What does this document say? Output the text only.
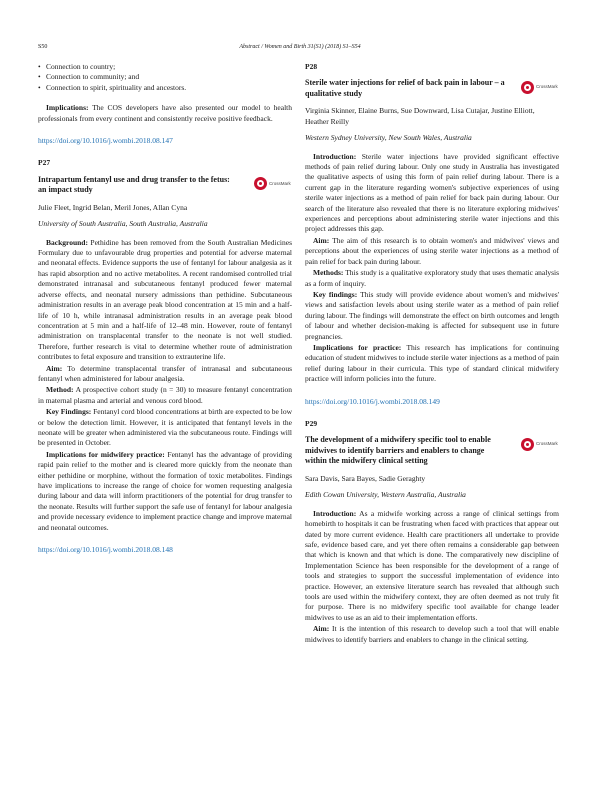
S50	Abstract / Women and Birth 31(S1) (2018) S1–S54
• Connection to country;
• Connection to community; and
• Connection to spirit, spirituality and ancestors.

Implications: The COS developers have also presented our model to health professionals from every continent and consistently receive positive feedback.

https://doi.org/10.1016/j.wombi.2018.08.147
P27
Intrapartum fentanyl use and drug transfer to the fetus: an impact study
CrossMark
Julie Fleet, Ingrid Belan, Meril Jones, Allan Cyna
University of South Australia, South Australia, Australia

Background: Pethidine has been removed from the South Australian Medicines Formulary due to unfavourable drug properties and potential for adverse maternal and neonatal effects. Evidence supports the use of fentanyl for labour analgesia as it has rapid absorption and no active metabolites. A recent randomised controlled trial demonstrated intranasal and subcutaneous fentanyl produced fewer maternal adverse effects, and neonatal nursery admissions than pethidine. Subcutaneous administration results in an average peak blood concentration at 15 min and a half-life of 10 h, while intranasal administration results in an average peak blood concentration at 5 min and a half-life of 12–48 min. However, route of fentanyl administration on transplacental transfer to the neonate is not well studied. Therefore, further research is vital to determine whether route of administration contributes to fetal exposure and transition to extrauterine life.

Aim: To determine transplacental transfer of intranasal and subcutaneous fentanyl when administered for labour analgesia.

Method: A prospective cohort study (n = 30) to measure fentanyl concentration in maternal plasma and arterial and venous cord blood.

Key Findings: Fentanyl cord blood concentrations at birth are expected to be low or below the detection limit. However, it is anticipated that fentanyl levels in the neonate will be greater when administered via the subcutaneous route. Findings will be presented in October.

Implications for midwifery practice: Fentanyl has the advantage of providing rapid pain relief to the mother and is cleared more quickly from the neonate than either pethidine or morphine, without the formation of toxic metabolites. Findings have implications to increase the range of choice for women requesting analgesia during labour and data will inform practitioners of the potential for drug transfer to the neonate. Results will further support the safe use of fentanyl for labour analgesia and provide necessary evidence to implement practice change and improve maternal and neonatal outcomes.

https://doi.org/10.1016/j.wombi.2018.08.148
P28
Sterile water injections for relief of back pain in labour – a qualitative study
CrossMark
Virginia Skinner, Elaine Burns, Sue Downward, Lisa Cutajar, Justine Elliott, Heather Reilly
Western Sydney University, New South Wales, Australia

Introduction: Sterile water injections have provided significant effective methods of pain relief during labour. Only one study in Australia has investigated the qualitative aspects of using this form of pain relief during labour. There is a current gap in the literature regarding women's subjective experiences of using sterile water injections as a method of pain relief for back pain during labour. Our search of the literature also revealed that there is no literature exploring midwives' experiences and perceptions about administering sterile water injections and this project addresses this gap.

Aim: The aim of this research is to obtain women's and midwives' views and perceptions about the experiences of using sterile water injections as a method of pain relief for back pain during labour.

Methods: This study is a qualitative exploratory study that uses thematic analysis as a form of inquiry.

Key findings: This study will provide evidence about women's and midwives' views and satisfaction levels about using sterile water as a method of pain relief during labour. The findings will demonstrate the effect on birth outcomes and length of labour and whether decision-making is affected for subsequent use in future pregnancies.

Implications for practice: This research has implications for continuing education of student midwives to include sterile water injections as a method of pain relief during labour in their curricula. This type of standard clinical midwifery practice will inform policies into the future.

https://doi.org/10.1016/j.wombi.2018.08.149
P29
The development of a midwifery specific tool to enable midwives to identify barriers and enablers to change within the midwifery clinical setting
CrossMark
Sara Davis, Sara Bayes, Sadie Geraghty
Edith Cowan University, Western Australia, Australia

Introduction: As a midwife working across a range of clinical settings from homebirth to hospitals it can be frustrating when faced with practices that appear out dated by more current evidence. Health care practitioners all undertake to provide safe, evidence based care, and yet there often remains a considerable gap between that which is known and that which is done. The comparatively new discipline of Implementation Science has been responsible for the development of a range of tools and strategies to support the successful implementation of evidence into practice. However, an extensive literature search has revealed that although such tools are used within the midwifery context, they are often deemed as not truly fit for purpose. There is no midwifery specific tool available for change leader midwives to use as an aid to their implementation efforts.

Aim: It is the intention of this research to develop such a tool that will enable midwives to identify barriers and enablers to change in the clinical setting.
